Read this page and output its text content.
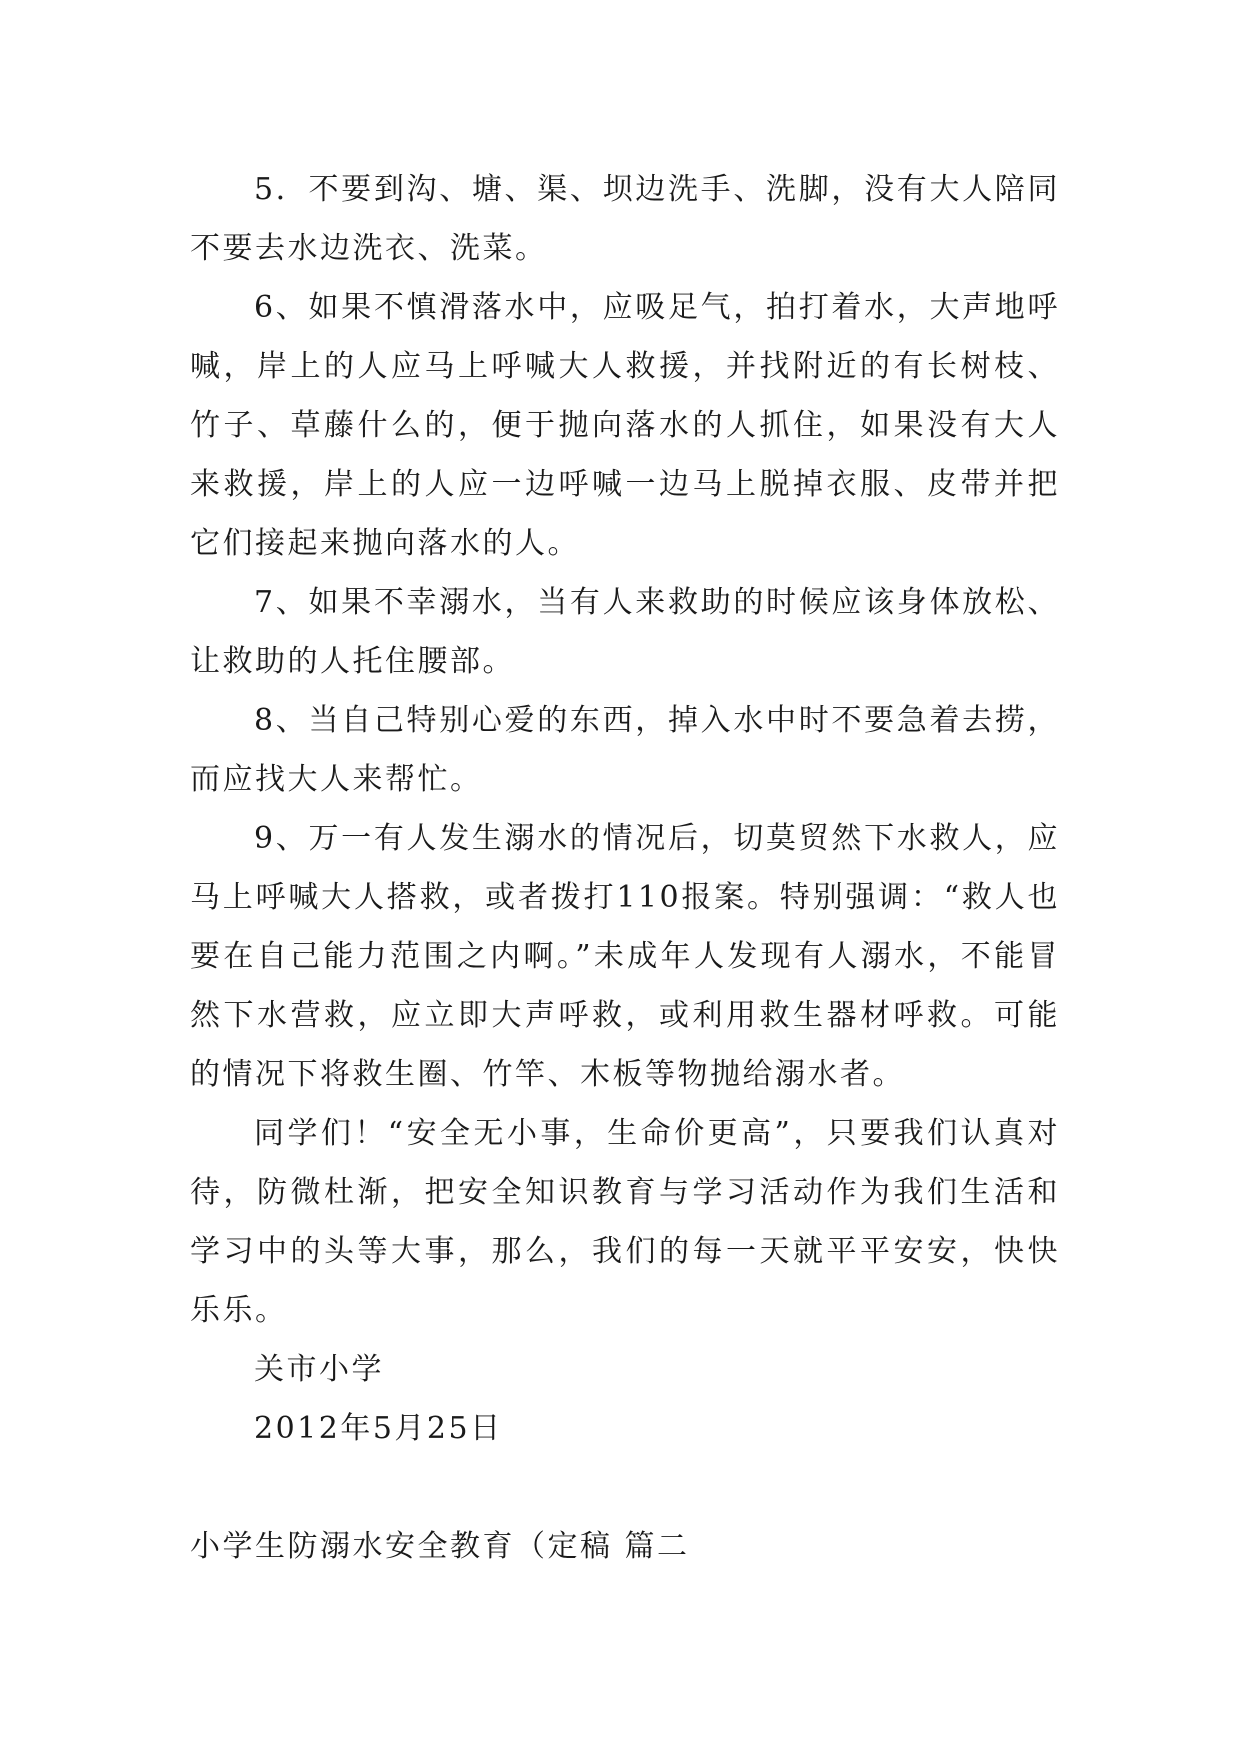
5．不要到沟、塘、渠、坝边洗手、洗脚，没有大人陪同不要去水边洗衣、洗菜。

6、如果不慎滑落水中，应吸足气，拍打着水，大声地呼喊，岸上的人应马上呼喊大人救援，并找附近的有长树枝、竹子、草藤什么的，便于抛向落水的人抓住，如果没有大人来救援，岸上的人应一边呼喊一边马上脱掉衣服、皮带并把它们接起来抛向落水的人。

7、如果不幸溺水，当有人来救助的时候应该身体放松、让救助的人托住腰部。

8、当自己特别心爱的东西，掉入水中时不要急着去捞，而应找大人来帮忙。

9、万一有人发生溺水的情况后，切莫贸然下水救人，应马上呼喊大人搭救，或者拨打110报案。特别强调：“救人也要在自己能力范围之内啊。”未成年人发现有人溺水，不能冒然下水营救，应立即大声呼救，或利用救生器材呼救。可能的情况下将救生圈、竹竿、木板等物抛给溺水者。

同学们！“安全无小事，生命价更高”，只要我们认真对待，防微杜渐，把安全知识教育与学习活动作为我们生活和学习中的头等大事，那么，我们的每一天就平平安安，快快乐乐。

关市小学

2012年5月25日

小学生防溺水安全教育（定稿 篇二
